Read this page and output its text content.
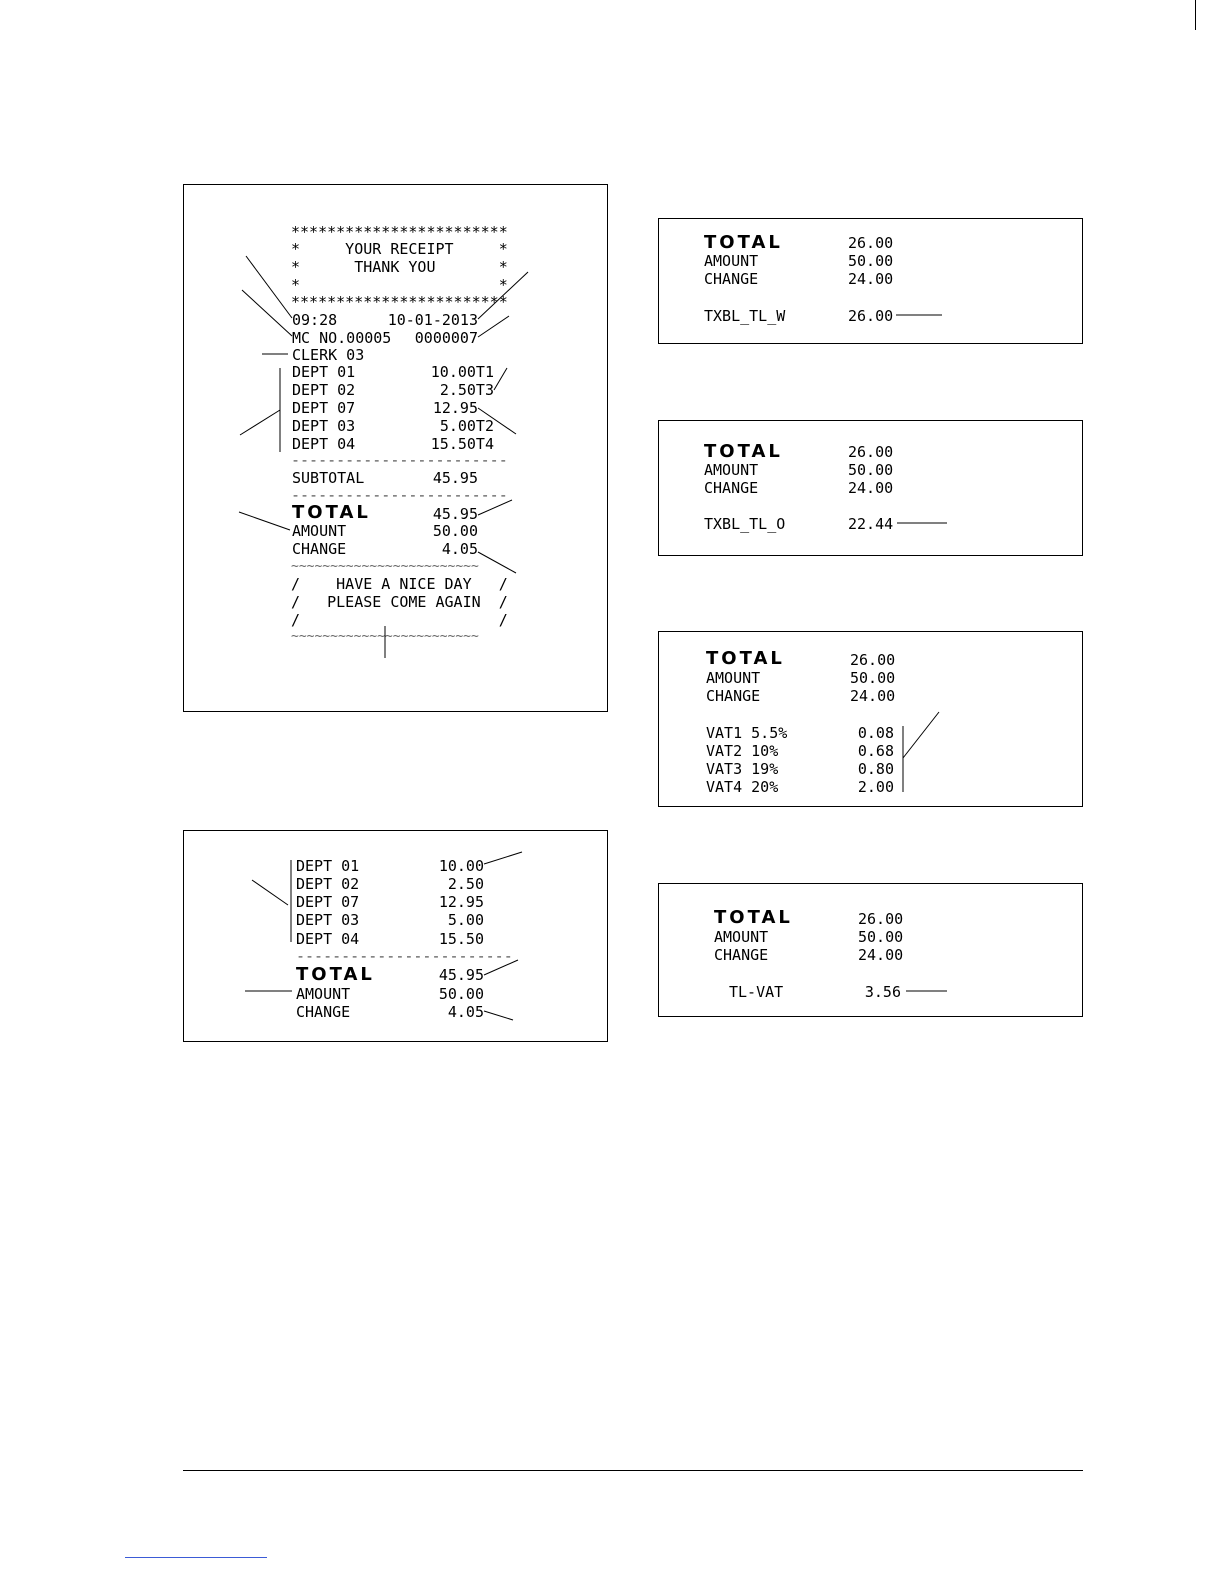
************************
*     YOUR RECEIPT     *
*      THANK YOU       *
*                      *
************************
09:28	10-01-2013
MC NO.00005	0000007
CLERK 03
DEPT 01	10.00T1
DEPT 02	2.50T3
DEPT 07	12.95
DEPT 03	5.00T2
DEPT 04	15.50T4
------------------------
SUBTOTAL	45.95
------------------------
TOTAL	45.95
AMOUNT	50.00
CHANGE	4.05
~~~~~~~~~~~~~~~~~~~~~~~~
/    HAVE A NICE DAY   /
/   PLEASE COME AGAIN  /
/                      /
~~~~~~~~~~~~~~~~~~~~~~~~
DEPT 01	10.00
DEPT 02	2.50
DEPT 07	12.95
DEPT 03	5.00
DEPT 04	15.50
------------------------
TOTAL	45.95
AMOUNT	50.00
CHANGE	4.05
TOTAL	26.00
AMOUNT	50.00
CHANGE	24.00
TXBL_TL_W	26.00
TOTAL	26.00
AMOUNT	50.00
CHANGE	24.00
TXBL_TL_O	22.44
TOTAL	26.00
AMOUNT	50.00
CHANGE	24.00
VAT1 5.5%	0.08
VAT2 10%	0.68
VAT3 19%	0.80
VAT4 20%	2.00
TOTAL	26.00
AMOUNT	50.00
CHANGE	24.00
TL-VAT	3.56
